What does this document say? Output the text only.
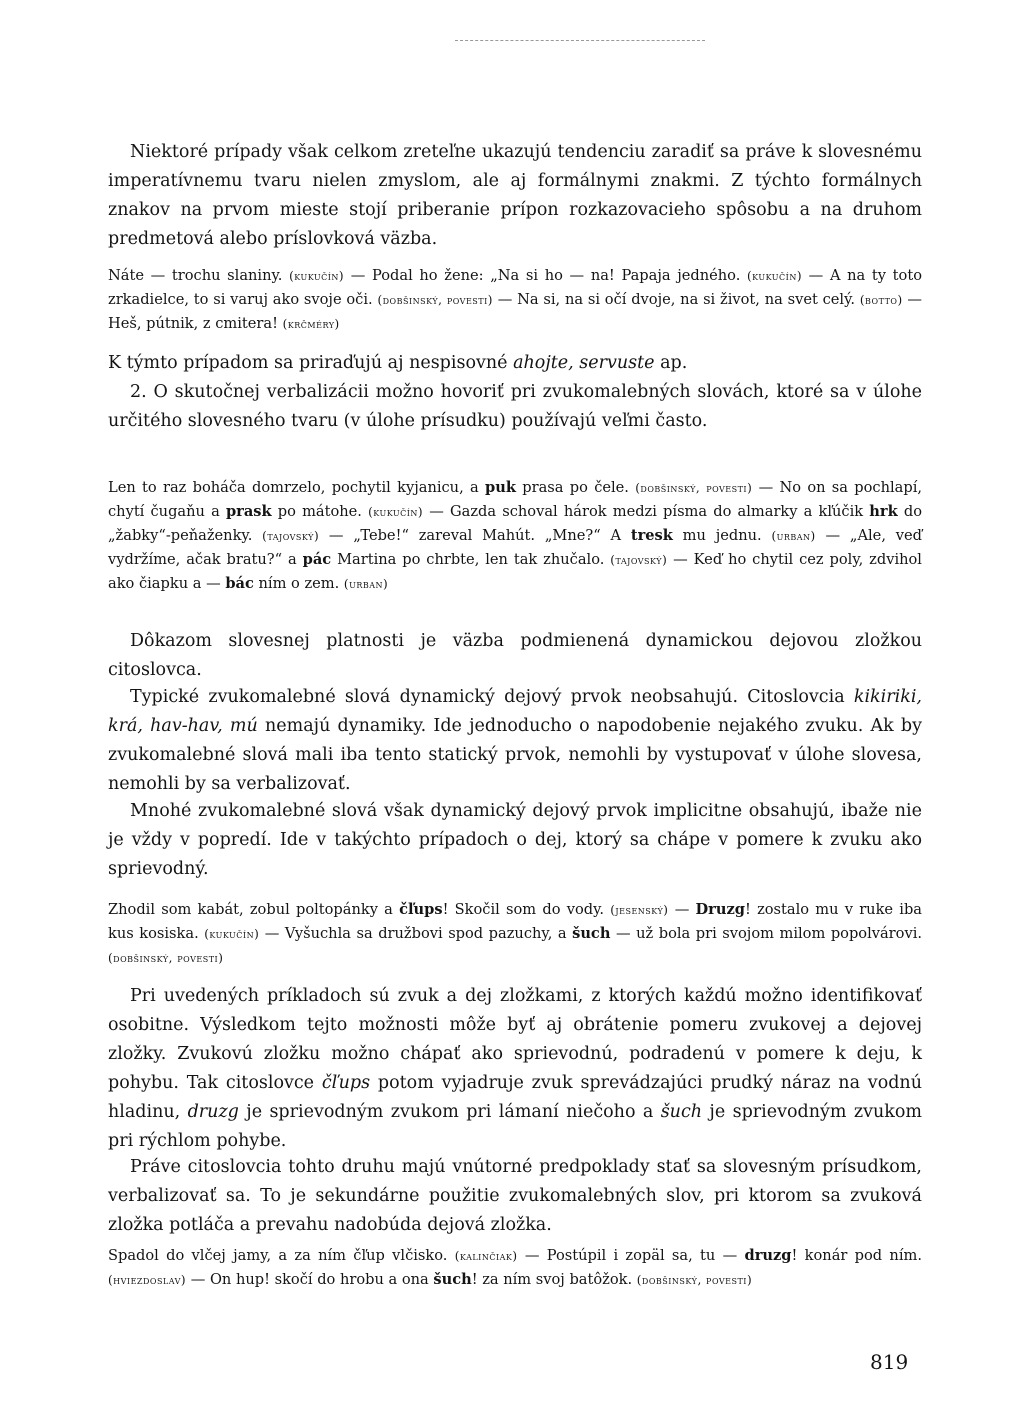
Niektoré prípady však celkom zreteľne ukazujú tendenciu zaradiť sa práve k slovesnému imperatívnemu tvaru nielen zmyslom, ale aj formálnymi znakmi. Z týchto formálnych znakov na prvom mieste stojí priberanie prípon rozkazovacieho spôsobu a na druhom predmetová alebo príslovková väzba.

Náte — trochu slaniny. (kukučín) — Podal ho žene: „Na si ho — na! Papaja jedného. (kukučín) — A na ty toto zrkadielce, to si varuj ako svoje oči. (dobšinský, povesti) — Na si, na si očí dvoje, na si život, na svet celý. (botto) — Heš, pútnik, z cmitera! (krčméry)

K týmto prípadom sa priraďujú aj nespisovné ahojte, servuste ap.

2. O skutočnej verbalizácii možno hovoriť pri zvukomalebných slovách, ktoré sa v úlohe určitého slovesného tvaru (v úlohe prísudku) používajú veľmi často.

Len to raz boháča domrzelo, pochytil kyjanicu, a puk prasa po čele. (dobšinský, povesti) — No on sa pochlapí, chytí čugaňu a prask po mátohe. (kukučín) — Gazda schoval hárok medzi písma do almarky a kľúčik hrk do „žabky“-peňaženky. (tajovský) — „Tebe!“ zareval Mahút. „Mne?“ A tresk mu jednu. (urban) — „Ale, veď vydržíme, ačak bratu?“ a pác Martina po chrbte, len tak zhučalo. (tajovský) — Keď ho chytil cez poly, zdvihol ako čiapku a — bác ním o zem. (urban)

Dôkazom slovesnej platnosti je väzba podmienená dynamickou dejovou zložkou citoslovca.

Typické zvukomalebné slová dynamický dejový prvok neobsahujú. Citoslovcia kikiriki, krá, hav-hav, mú nemajú dynamiky. Ide jednoducho o napodobenie nejakého zvuku. Ak by zvukomalebné slová mali iba tento statický prvok, nemohli by vystupovať v úlohe slovesa, nemohli by sa verbalizovať.

Mnohé zvukomalebné slová však dynamický dejový prvok implicitne obsahujú, ibaže nie je vždy v popredí. Ide v takýchto prípadoch o dej, ktorý sa chápe v pomere k zvuku ako sprievodný.

Zhodil som kabát, zobul poltopánky a čľups! Skočil som do vody. (jesenský) — Druzg! zostalo mu v ruke iba kus kosiska. (kukučín) — Vyšuchla sa družbovi spod pazuchy, a šuch — už bola pri svojom milom popolvárovi. (dobšinský, povesti)

Pri uvedených príkladoch sú zvuk a dej zložkami, z ktorých každú možno identifikovať osobitne. Výsledkom tejto možnosti môže byť aj obrátenie pomeru zvukovej a dejovej zložky. Zvukovú zložku možno chápať ako sprievodnú, podradenú v pomere k deju, k pohybu. Tak citoslovce čľups potom vyjadruje zvuk sprevádzajúci prudký náraz na vodnú hladinu, druzg je sprievodným zvukom pri lámaní niečoho a šuch je sprievodným zvukom pri rýchlom pohybe.

Práve citoslovcia tohto druhu majú vnútorné predpoklady stať sa slovesným prísudkom, verbalizovať sa. To je sekundárne použitie zvukomalebných slov, pri ktorom sa zvuková zložka potláča a prevahu nadobúda dejová zložka.

Spadol do vlčej jamy, a za ním čľup vlčisko. (kalinčiak) — Postúpil i zopäl sa, tu — druzg! konár pod ním. (hviezdoslav) — On hup! skočí do hrobu a ona šuch! za ním svoj batôžok. (dobšinský, povesti)

819
